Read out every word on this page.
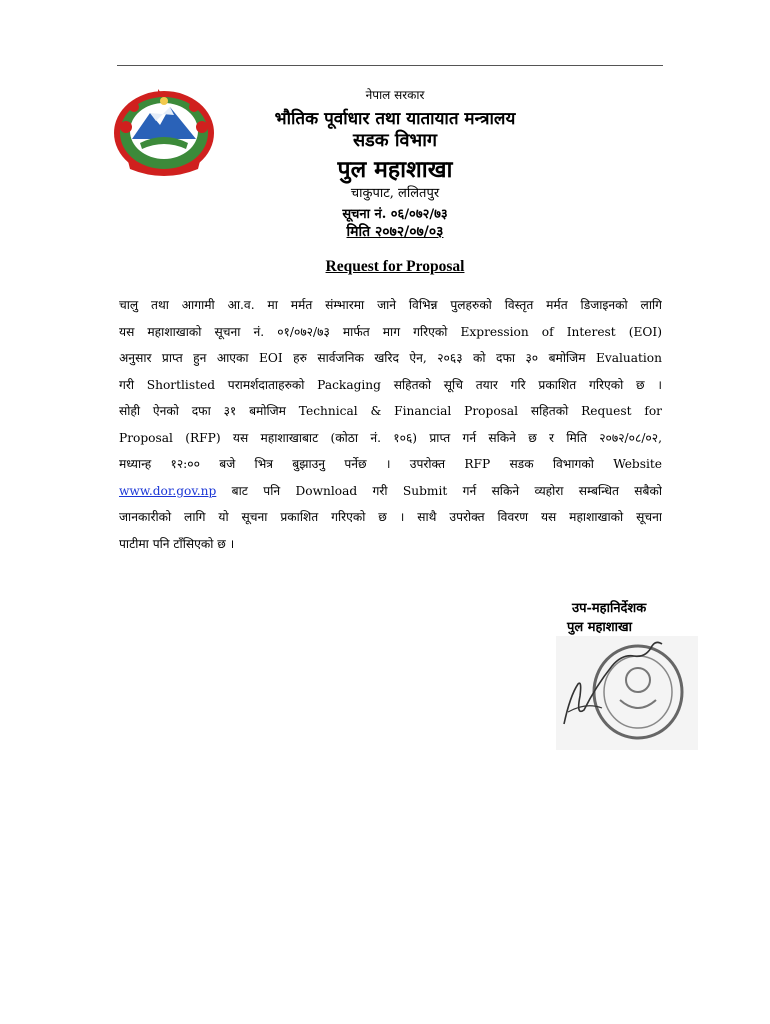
नेपाल सरकार
भौतिक पूर्वाधार तथा यातायात मन्त्रालय
सडक विभाग
पुल महाशाखा
चाकुपाट, ललितपुर
सूचना नं. ०६/०७२/७३
मिति २०७२/०७/०३
Request for Proposal
चालु तथा आगामी आ.व. मा मर्मत संम्भारमा जाने विभिन्न पुलहरुको विस्तृत मर्मत डिजाइनको लागि
यस महाशाखाको सूचना नं. ०१/०७२/७३ मार्फत माग गरिएको Expression of Interest (EOI)
अनुसार प्राप्त हुन आएका EOI हरु सार्वजनिक खरिद ऐन, २०६३ को दफा ३० बमोजिम Evaluation
गरी Shortlisted परामर्शदाताहरुको Packaging सहितको सूचि तयार गरि प्रकाशित गरिएको छ ।
सोही ऐनको दफा ३१ बमोजिम Technical & Financial Proposal सहितको Request for
Proposal (RFP) यस महाशाखाबाट (कोठा नं. १०६) प्राप्त गर्न सकिने छ र मिति २०७२/०८/०२,
मध्यान्ह १२:०० बजे भित्र बुझाउनु पर्नेछ । उपरोक्त RFP सडक विभागको Website
www.dor.gov.np बाट पनि Download गरी Submit गर्न सकिने व्यहोरा सम्बन्धित सबैको
जानकारीको लागि यो सूचना प्रकाशित गरिएको छ । साथै उपरोक्त विवरण यस महाशाखाको सूचना
पाटीमा पनि टाँसिएको छ ।
उप-महानिर्देशक
पुल महाशाखा
